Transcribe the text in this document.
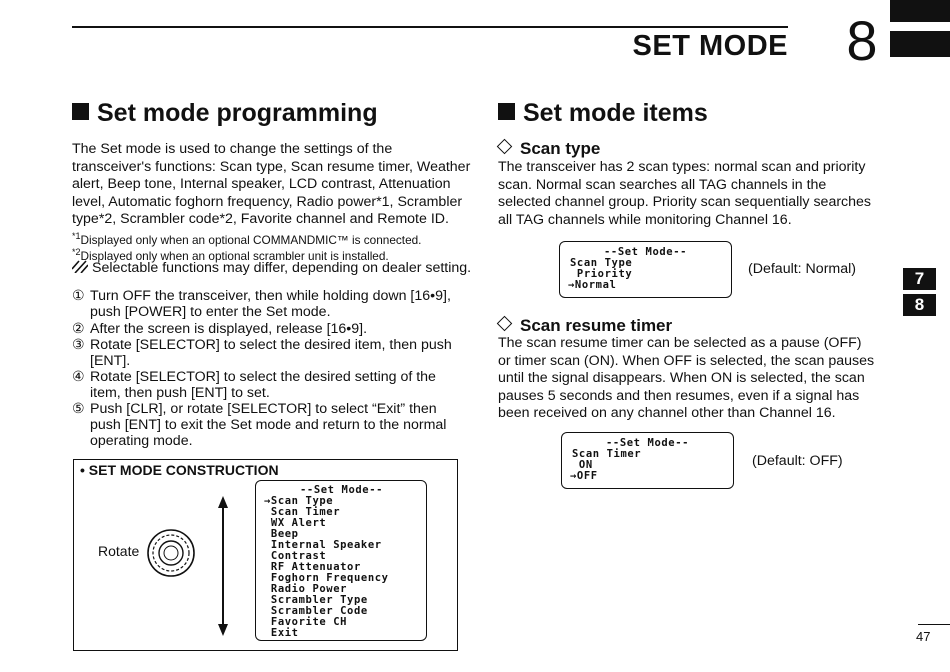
SET MODE 8
Set mode programming
The Set mode is used to change the settings of the
transceiver's functions: Scan type, Scan resume timer, Weather
alert, Beep tone, Internal speaker, LCD contrast, Attenuation
level, Automatic foghorn frequency, Radio power*1, Scrambler
type*2, Scrambler code*2, Favorite channel and Remote ID.
$^{*1}$Displayed only when an optional COMMANDMIC™ is connected.
$^{*2}$Displayed only when an optional scrambler unit is installed.
Selectable functions may differ, depending on dealer setting.
① Turn OFF the transceiver, then while holding down [16•9],
push [POWER] to enter the Set mode.
② After the screen is displayed, release [16•9].
③ Rotate [SELECTOR] to select the desired item, then push
[ENT].
④ Rotate [SELECTOR] to select the desired setting of the
item, then push [ENT] to set.
⑤ Push [CLR], or rotate [SELECTOR] to select “Exit” then
push [ENT] to exit the Set mode and return to the normal
operating mode.
• SET MODE CONSTRUCTION
Rotate
--Set Mode--
→Scan Type
Scan Timer
WX Alert
Beep
Internal Speaker
Contrast
RF Attenuator
Foghorn Frequency
Radio Power
Scrambler Type
Scrambler Code
Favorite CH
Exit
Set mode items
Scan type
The transceiver has 2 scan types: normal scan and priority
scan. Normal scan searches all TAG channels in the
selected channel group. Priority scan sequentially searches
all TAG channels while monitoring Channel 16.
--Set Mode--
Scan Type
Priority
→Normal
(Default: Normal)
Scan resume timer
The scan resume timer can be selected as a pause (OFF)
or timer scan (ON). When OFF is selected, the scan pauses
until the signal disappears. When ON is selected, the scan
pauses 5 seconds and then resumes, even if a signal has
been received on any channel other than Channel 16.
--Set Mode--
Scan Timer
ON
→OFF
(Default: OFF)
7
8
47
